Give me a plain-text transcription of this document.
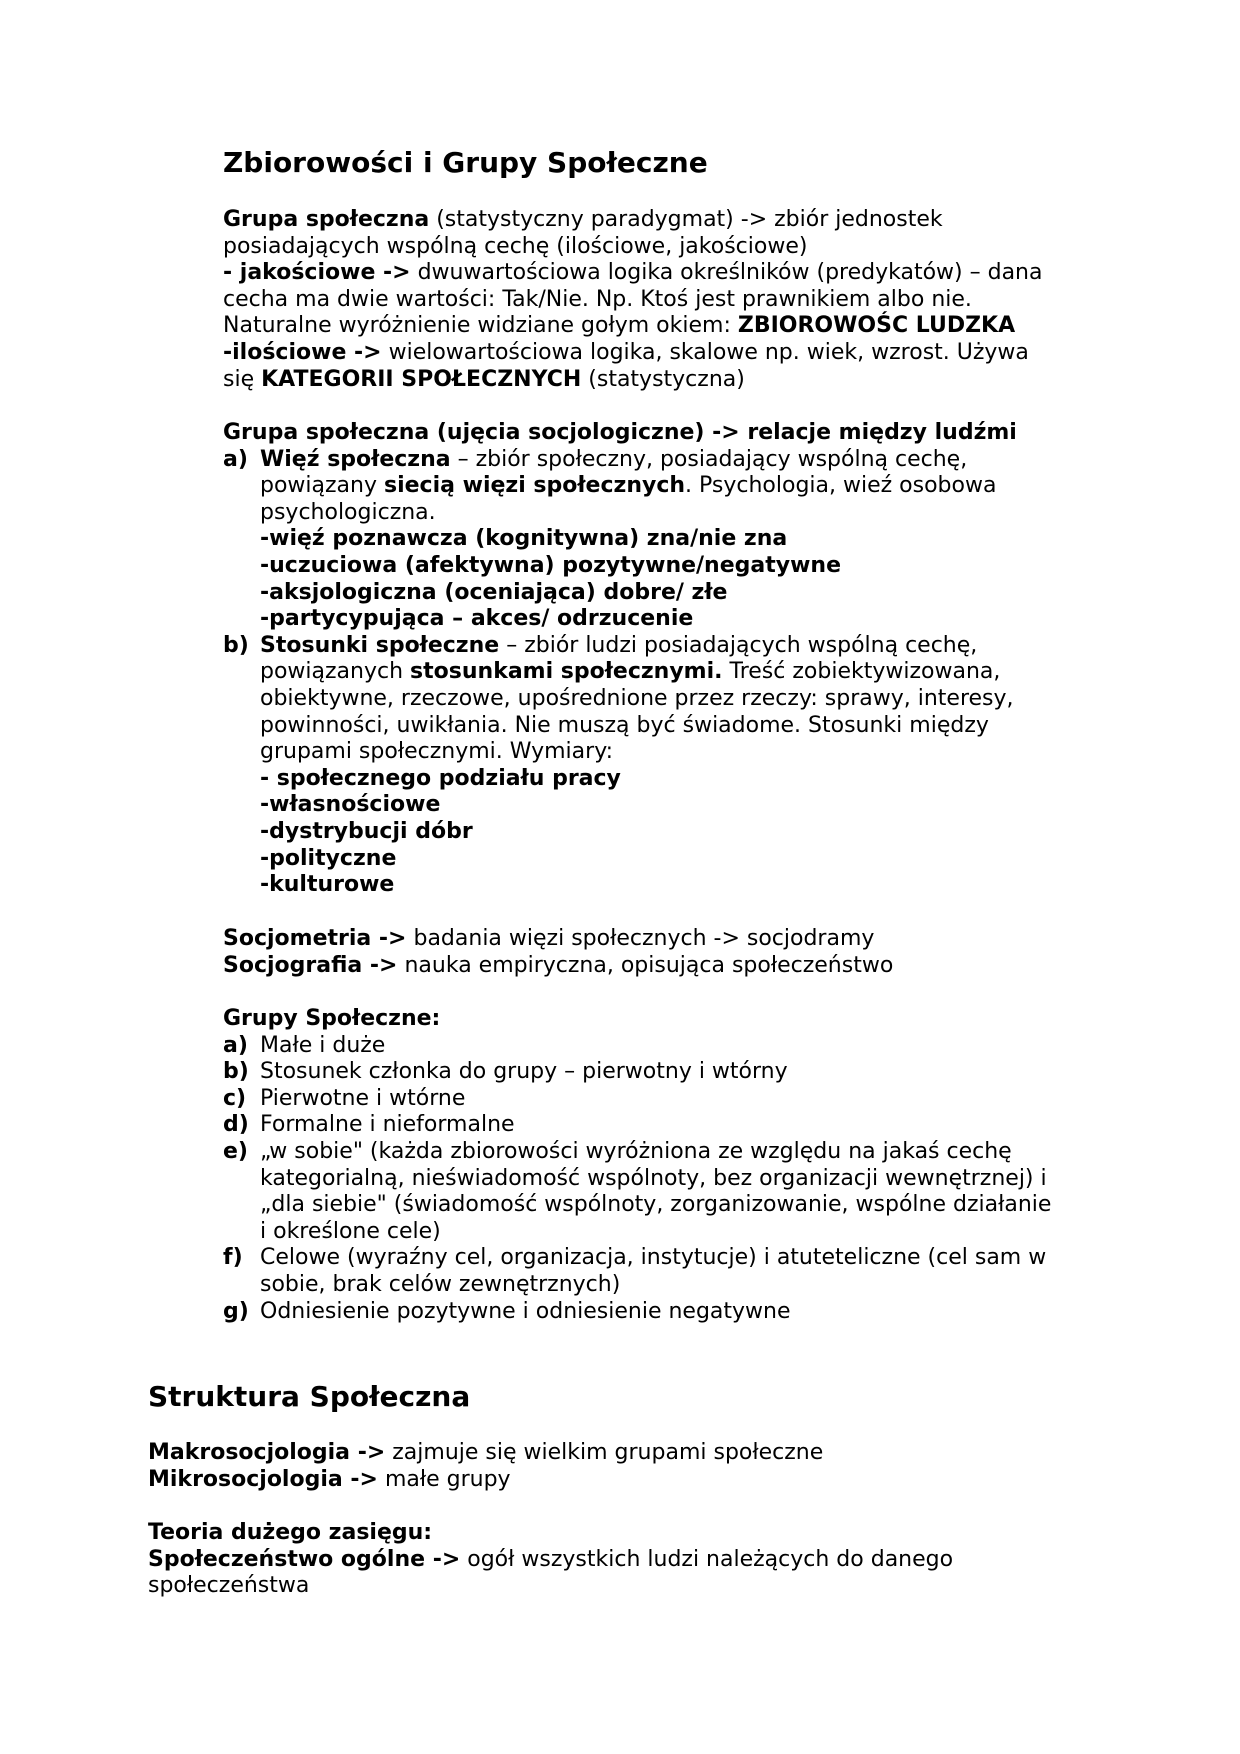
Zbiorowości i Grupy Społeczne
Grupa społeczna (statystyczny paradygmat) -> zbiór jednostek
posiadających wspólną cechę (ilościowe, jakościowe)
- jakościowe -> dwuwartościowa logika określników (predykatów) – dana
cecha ma dwie wartości: Tak/Nie. Np. Ktoś jest prawnikiem albo nie.
Naturalne wyróżnienie widziane gołym okiem: ZBIOROWOŚC LUDZKA
-ilościowe -> wielowartościowa logika, skalowe np. wiek, wzrost. Używa
się KATEGORII SPOŁECZNYCH (statystyczna)
Grupa społeczna (ujęcia socjologiczne) -> relacje między ludźmi
a) Więź społeczna – zbiór społeczny, posiadający wspólną cechę,
powiązany siecią więzi społecznych. Psychologia, wieź osobowa
psychologiczna.
-więź poznawcza (kognitywna) zna/nie zna
-uczuciowa (afektywna) pozytywne/negatywne
-aksjologiczna (oceniająca) dobre/ złe
-partycypująca – akces/ odrzucenie
b) Stosunki społeczne – zbiór ludzi posiadających wspólną cechę,
powiązanych stosunkami społecznymi. Treść zobiektywizowana,
obiektywne, rzeczowe, upośrednione przez rzeczy: sprawy, interesy,
powinności, uwikłania. Nie muszą być świadome. Stosunki między
grupami społecznymi. Wymiary:
- społecznego podziału pracy
-własnościowe
-dystrybucji dóbr
-polityczne
-kulturowe
Socjometria -> badania więzi społecznych -> socjodramy
Socjografia -> nauka empiryczna, opisująca społeczeństwo
Grupy Społeczne:
a) Małe i duże
b) Stosunek członka do grupy – pierwotny i wtórny
c) Pierwotne i wtórne
d) Formalne i nieformalne
e) „w sobie" (każda zbiorowości wyróżniona ze względu na jakaś cechę
kategorialną, nieświadomość wspólnoty, bez organizacji wewnętrznej) i
„dla siebie" (świadomość wspólnoty, zorganizowanie, wspólne działanie
i określone cele)
f) Celowe (wyraźny cel, organizacja, instytucje) i atuteteliczne (cel sam w
sobie, brak celów zewnętrznych)
g) Odniesienie pozytywne i odniesienie negatywne
Struktura Społeczna
Makrosocjologia -> zajmuje się wielkim grupami społeczne
Mikrosocjologia -> małe grupy
Teoria dużego zasięgu:
Społeczeństwo ogólne -> ogół wszystkich ludzi należących do danego
społeczeństwa
